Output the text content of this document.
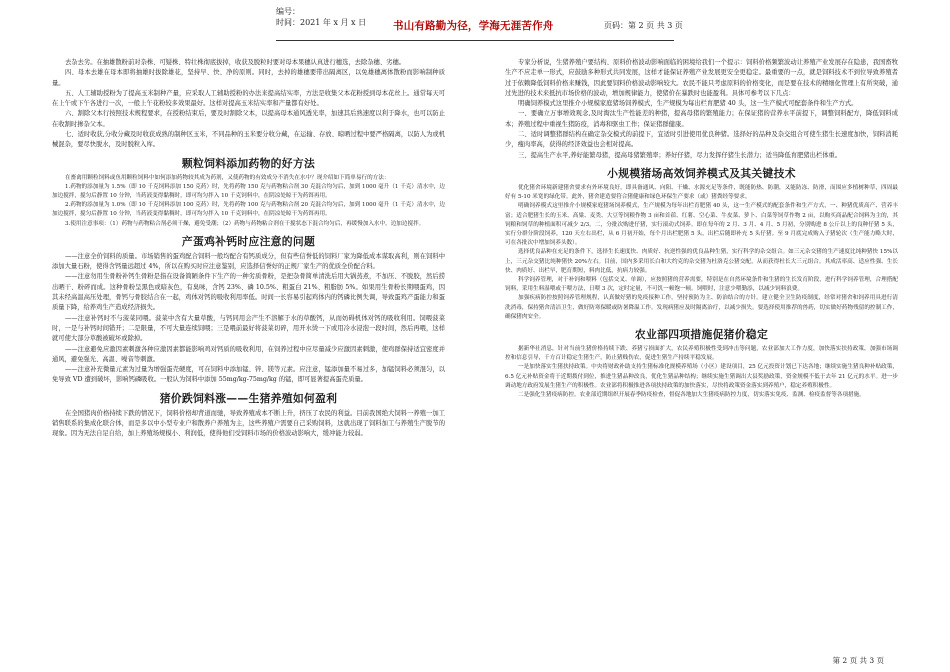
编号：
时间：2021 年 x 月 x 日	书山有路勤为径，学海无涯苦作舟	页码：第 2 页 共 3 页

去杂去劣。在抽雄散粉前对杂株、可疑株、特壮株彻底拔掉，收获及脱粒时要对母本果穗认真进行穗选，去除杂穗、劣穗。

四、母本去雄在母本即将抽雄时拔除雄花，坚持早、快、净的原则。同时，去掉的雄穗要带出隔离区，以免雄穗离体散粉而影响制种质量。

五、人工辅助授粉为了提高玉米制种产量，应采取人工辅助授粉的办法来提高结实率，方法是收集父本花粉授到母本花丝上。通常每天可在上午或下午各进行一次，一般上午花粉较多效果最好。这样对提高玉米结实率和产量都有好处。

六、割除父本行按照技术规程要求，在授粉结束后，要及时割除父本，以提高母本通风透光率，加速其后熟速度以利于降水，也可以防止在收割时掺杂父本。

七、适时收获,分收分藏及时收获成熟的制种区玉米，不同品种的玉米要分收分藏，在运输、存放、晾晒过程中要严格隔离，以防人为或机械混杂，要尽快脱水，及时脱粒入库。

颗粒饲料添加药物的好方法

在畜禽用颗粒饲料或鱼用颗粒饲料中如何添加药物较其成为药剂，又使药物的有效成分不消失在水中？现介绍如下简单易行的方法：

1.药物的添加量为 1.5%（即 10 千克饲料添加 150 克药）时，先将药物 150 克与药物粘合剂 30 克混合均匀后，加到 1000 毫升（1 千克）清水中，边加边搅拌，搅匀后静置 10 分钟，当药液变得黏稠时，即可均匀拌入 10 千克饲料中，在阴凉处晾干为药饵再用。

2.药物的添加量为 1.0%（即 10 千克饲料添加 100 克药）时，先将药物 100 克与药物粘合剂 20 克混合均匀后，加到 1000 毫升（1 千克）清水中，边加边搅拌，搅匀后静置 10 分钟，当药液变得黏稠时，即可均匀拌入 10 千克饲料中，在阴凉处晾干为药饵再用。

3.使用注意事项：（1）药物与药物粘合剂必须干燥，避免受潮；（2）药物与药物粘合剂在干搅状态下混合均匀后，再缓慢加入水中，边加边搅拌。

产蛋鸡补钙时应注意的问题

——注意全价饲料的质量。市场销售的蛋鸡配合饲料一般均配合有钙质成分，但有些信誉低的饲料厂家为降低成本谋取高利，则在饲料中添加大量石粉，使得含钙量远超过 4%，所以在购买时应注意鉴别，应选择信誉好的正规厂家生产的优质全价配合料。

——注意勿用生骨粉补钙生骨粉是指在设备简陋条件下生产的一种劣质骨粉，是把杂骨简单清洗后用大锅蒸煮，不加压、不脱胶，然后捞出晒干、粉碎而成。这种骨粉呈黑色或暗灰色，有臭味，含钙 23%、磷 10.5%、粗蛋白 21%、粗脂肪 5%。如果用生骨粉长期喂蛋鸡，因其未经高温高压处理，骨钙与骨胶结合在一起，鸡体对钙的吸收利用率低。时间一长容易引起鸡体内的钙磷比例失调，导致蛋鸡产蛋能力和蛋质量下降，给养鸡生产造成经济损失。

——注意补钙时不与菠菜同喂。菠菜中含有大量草酸，与钙同用会产生不溶解于水的草酸钙，从而妨碍机体对钙的吸收利用。饲喂菠菜时，一是与补钙时间错开；二是限量，不可大量连续饲喂；三是喂前最好将菠菜切碎，用开水烫一下或用冷水浸泡一段时间，然后再喂，这样就可使大部分草酸被破坏或除掉。

——注意避免应激因素刺激各种应激因素都能影响鸡对钙质的吸收利用，在饲养过程中应尽量减少应激因素刺激，使鸡群保持适宜密度并通风，避免强光、高温、噪音等刺激。

——注意补充微量元素为过量为增强蛋壳硬度，可在饲料中添加锰、锌、镁等元素。应注意，锰添加量不易过多，加锰饲料必须混匀，以免导致 VD 遭到破坏，影响钙磷吸收。一般认为饲料中添加 55mg/kg-75mg/kg 的锰，即可显著提高蛋壳质量。

猪价跌饲料涨——生猪养殖如何盈利

在全国猪肉价格持续下跌的情况下，饲料价格却背道而驰，导致养殖成本不断上升，挤压了农民的利益。目前我国绝大饲料一养殖一加工销售联系的集成化联合体，而是多以中小型专业户和散养户养殖为主，这些养殖户需要自己采购饲料，这就出现了饲料加工与养殖生产脱节的现象。因为无法自足自给，加上养殖场规模小、利润低，使得他们受饲料市场的价格波动影响大，缓冲能力较弱。

专家分析说，生猪养殖户要结构、原料价格波动影响面临的困境给我们一个提示：饲料价格频繁波动让养殖产业发展存在隐患，我国畜牧生产不应走单一形式，应鼓励多种形式共同发展，这样才能保证养殖产业发展更安全更稳定。最重要的一点，就是饲料技术不到位导致养殖者过于依赖降低饲料价格来赚钱，因此要饲料价格波动影响较大。农民不能只考虑原料的价格变化，而是要在技术的精细化管理上有所突破，通过先进的技术来抵抗市场价格的波动，增加规律能力，使猪价在暴跌时也能盈利。具体可参考以下几点：

明确饲养模式这里推介小规模家庭猪场饲养模式，生产规模为每出栏育肥猪 40 头，这一生产模式可配套条件和生产方式。

一、要确立万事增效观念,及时淘汰生产性能差的种猪，提高母猪的繁殖能力；在保证猪的营养水平前提下，调整饲料配方，降低饲料成本；养殖过程中重视生猪防疫，消毒和驱虫工作；保证猪群健康。

二、适时调整猪群结构在确定杂交模式的前提下，宜适时引进使用优良种猪。选择好的品种及杂交组合可使生猪生长速度加快，饲料消耗少，瘦肉率高，获得的经济效益也会相对提高。

三、提高生产水平,养好能繁母猪，提高母猪繁殖率；养好仔猪，尽力发挥仔猪生长潜力；适当降低育肥猪出栏体重。

小规模猪场高效饲养模式及其关键技术

优化猪舍环境新建猪舍要求有外环境良好，即具备通风、向阳、干燥、水源充足等条件，既能防热、防潮，又能防冻、防滑，而围应多植树种草，四周最好有 5-10 米宽的绿化带。此外，猪舍建造要符合猪健康和绿色环保生产要求（或）猪粪经等要求。

明确饲养模式这里推介小规模家庭猪场饲养模式，生产规模为每年出栏育肥猪 40 头，这一生产模式的配套条件和生产方式，一、种猪优质高产、营养丰富；适合肥猪生长的玉米、高粱、麦类、大豆等饲粮作物 3 亩和首蓿、红薯、空心菜、牛皮菜、萝卜、白菜等饲草作物 2 亩，以购买商品配合饲料为主的，其饲粮和饲草的种植面积可减少 2/3。二，分批次购进仔猪，实行滚动式饲养。即在每年的 2 月、3 月、4 月、5 月初，分别购进 8 公斤以上的良种仔猪 5 头，实行分群分阶段饲养，120 天左右出栏，从 6 月初开始，每个月出栏肥猪 5 头，出栏后随即补充 5 头仔猪。至 9 月底完成购入子猪轮次（生产能力略大时，可在各批次中增加饲养头数）。

选择优良品种在充足的条件下，选择生长速度快、肉质好、抗逆性强的优良品种生猪，实行科学的杂交组合。如三元杂交猪的生产速度比纯种猪快 15%以上，三元杂交猪比纯种猪快 20%左右。目前，国内多采用长白和大约克的杂交猪为杜洛克公猪交配，从而获得杜长大三元组合。其成活率高、适应性强、生长快、肉质好、出栏早，肥育期短，料肉比低，抗病力较强。

科学饲养管理，对于补饲和喂料（包括交叉、单调），应按照猪的营养需要，特别是在自然环境条件和生猪的生长发育阶段，进行科学饲养管理，合理搭配饲料，采用生料湿喂或干喂方法，日喂 3 次，定时定量，不可饥一顿饱一顿。饲喂时，注意少喂勤添，以减少饲料浪费。

加强疾病防控按照饲养管理规程，认真做好猪的免疫接种工作，坚持预防为主、防治结合的方针。建立健全卫生防疫制度，经常对猪舍和饲养用具进行清洗消毒，保持猪舍清洁卫生，做好防寒保暖或防暑降温工作。发现病猪应及时隔离治疗，以减少损失。要选择使用推荐的兽药，切实做好药物残留的控制工作，确保猪肉安全。

农业部四项措施促猪价稳定

据新华社消息，针对当前生猪价格持续下跌、养猪亏损面扩大，农民养殖积极性受到冲击等问题，农业部加大工作力度，加快落实扶持政策，加强市场调控和信息引导，千方百计稳定生猪生产，防止猪贱伤农，促进生猪生产持续平稳发展。

一是加快落实生猪扶持政策。中央将财政补助支持生猪标准化规模养殖场（小区）建设项目，25 亿元投资计划已下达各地；继续实施生猪良种补贴政策，6.5 亿元补贴资金将于近期拨付到位，推进生猪品种改良，优化生猪品种结构；继续实施生猪调出大县奖励政策，资金规模不低于去年 21 亿元的水平。进一步调动地方政府发展生猪生产的积极性。农业部将积极推进各项扶持政策的加快落实，尽快将政策资金落实到养殖户，稳定养殖积极性。

二是强化生猪疫病防控。农业部近期组织开展春季防疫检查，督促各地加大生猪疫病防控力度，切实落实免疫、监测、检疫监督等各项措施。

第 2 页 共 3 页
